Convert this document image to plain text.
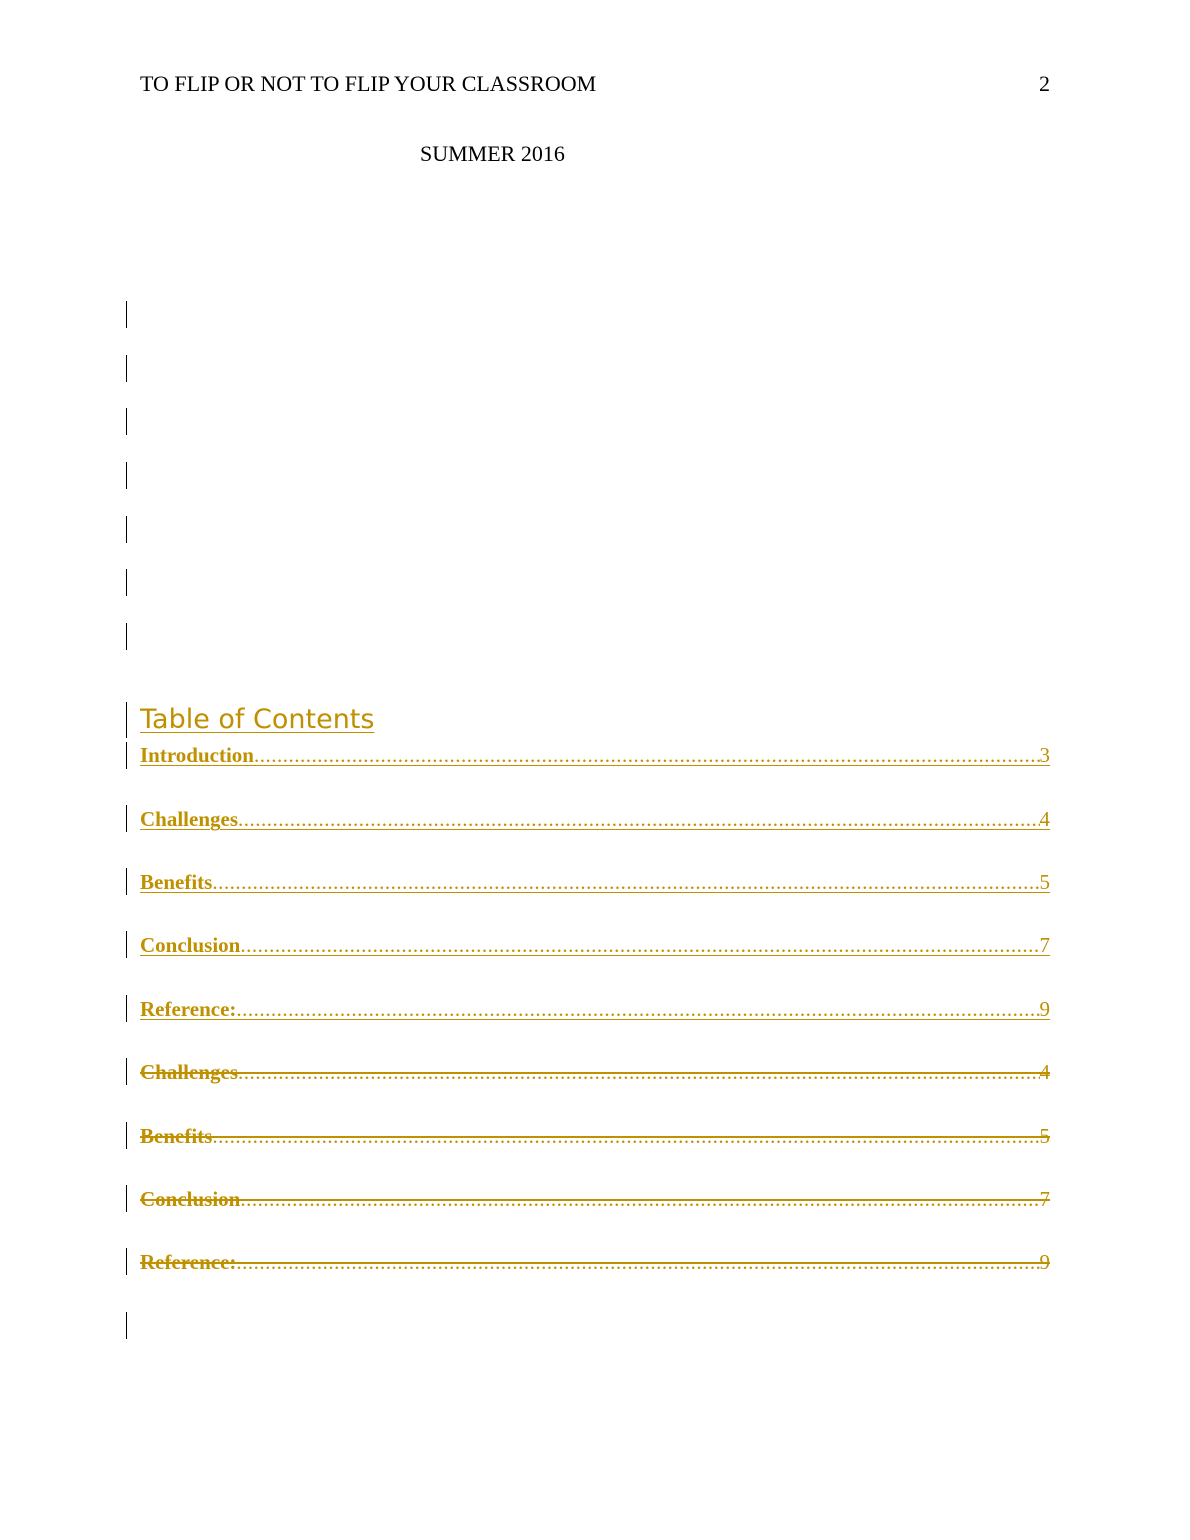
TO FLIP OR NOT TO FLIP YOUR CLASSROOM	2
SUMMER 2016
Table of Contents
Introduction .....	3
Challenges .....	4
Benefits .....	5
Conclusion .....	7
Reference: .....	9
Challenges .....	4
Benefits .....	5
Conclusion .....	7
Reference: .....	9
